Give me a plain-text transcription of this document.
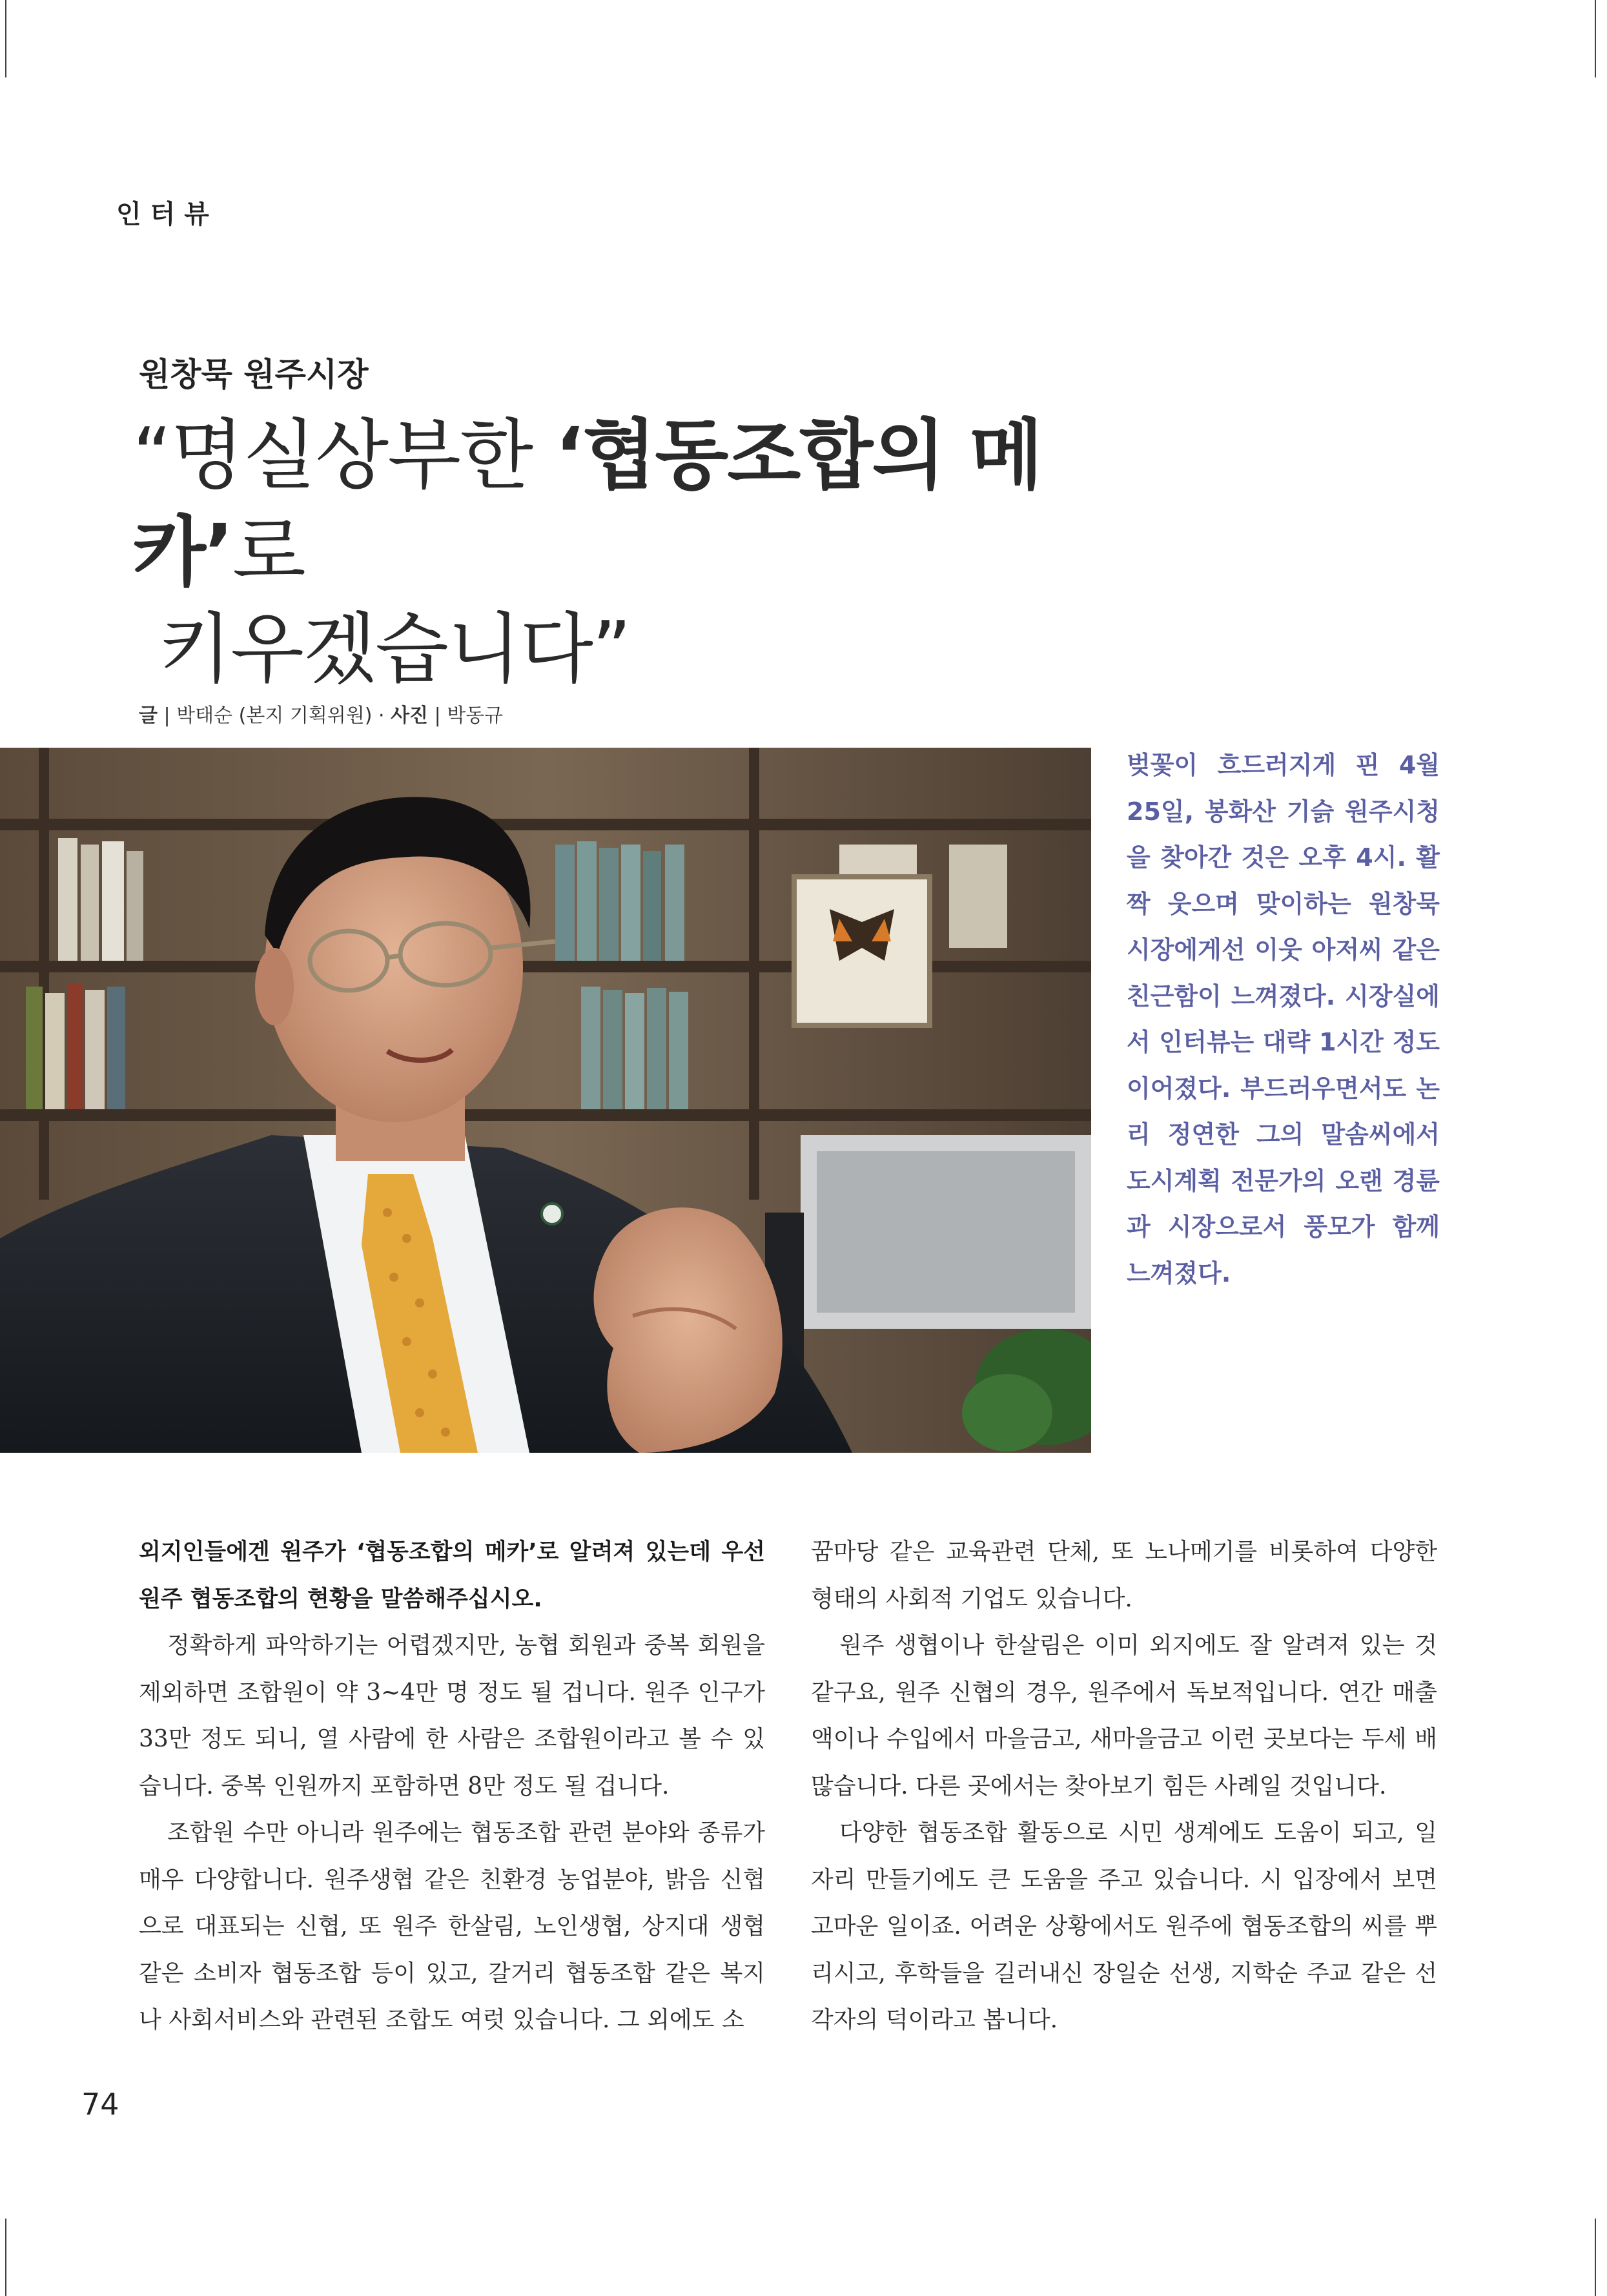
인터뷰
원창묵 원주시장
“명실상부한 ‘협동조합의 메카’로
키우겠습니다”
글 | 박태순 (본지 기획위원) · 사진 | 박동규
벚꽃이 흐드러지게 핀 4월 25일, 봉화산 기슭 원주시청을 찾아간 것은 오후 4시. 활짝 웃으며 맞이하는 원창묵 시장에게선 이웃 아저씨 같은 친근함이 느껴졌다. 시장실에서 인터뷰는 대략 1시간 정도 이어졌다. 부드러우면서도 논리 정연한 그의 말솜씨에서 도시계획 전문가의 오랜 경륜과 시장으로서 풍모가 함께 느껴졌다.

외지인들에겐 원주가 ‘협동조합의 메카’로 알려져 있는데 우선 원주 협동조합의 현황을 말씀해주십시오.

정확하게 파악하기는 어렵겠지만, 농협 회원과 중복 회원을 제외하면 조합원이 약 3~4만 명 정도 될 겁니다. 원주 인구가 33만 정도 되니, 열 사람에 한 사람은 조합원이라고 볼 수 있습니다. 중복 인원까지 포함하면 8만 정도 될 겁니다.

조합원 수만 아니라 원주에는 협동조합 관련 분야와 종류가 매우 다양합니다. 원주생협 같은 친환경 농업분야, 밝음 신협으로 대표되는 신협, 또 원주 한살림, 노인생협, 상지대 생협 같은 소비자 협동조합 등이 있고, 갈거리 협동조합 같은 복지나 사회서비스와 관련된 조합도 여럿 있습니다. 그 외에도 소

꿈마당 같은 교육관련 단체, 또 노나메기를 비롯하여 다양한 형태의 사회적 기업도 있습니다.

원주 생협이나 한살림은 이미 외지에도 잘 알려져 있는 것 같구요, 원주 신협의 경우, 원주에서 독보적입니다. 연간 매출액이나 수입에서 마을금고, 새마을금고 이런 곳보다는 두세 배 많습니다. 다른 곳에서는 찾아보기 힘든 사례일 것입니다.

다양한 협동조합 활동으로 시민 생계에도 도움이 되고, 일자리 만들기에도 큰 도움을 주고 있습니다. 시 입장에서 보면 고마운 일이죠. 어려운 상황에서도 원주에 협동조합의 씨를 뿌리시고, 후학들을 길러내신 장일순 선생, 지학순 주교 같은 선각자의 덕이라고 봅니다.

74
